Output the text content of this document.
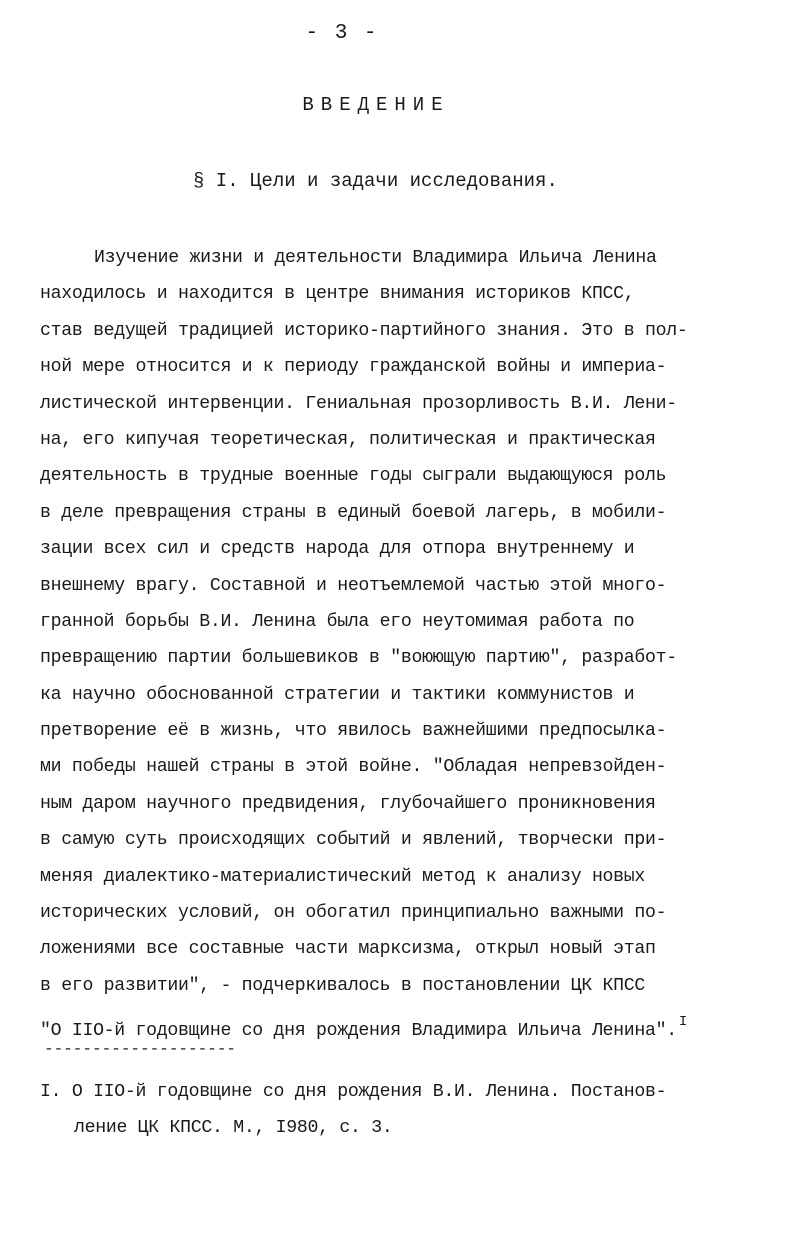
- 3 -
ВВЕДЕНИЕ
§ I. Цели и задачи исследования.
Изучение жизни и деятельности Владимира Ильича Ленина
находилось и находится в центре внимания историков КПСС,
став ведущей традицией историко-партийного знания. Это в пол-
ной мере относится и к периоду гражданской войны и империа-
листической интервенции. Гениальная прозорливость В.И. Лени-
на, его кипучая теоретическая, политическая и практическая
деятельность в трудные военные годы сыграли выдающуюся роль
в деле превращения страны в единый боевой лагерь, в мобили-
зации всех сил и средств народа для отпора внутреннему и
внешнему врагу. Составной и неотъемлемой частью этой много-
гранной борьбы В.И. Ленина была его неутомимая работа по
превращению партии большевиков в "воюющую партию", разработ-
ка научно обоснованной стратегии и тактики коммунистов и
претворение её в жизнь, что явилось важнейшими предпосылка-
ми победы нашей страны в этой войне. "Обладая непревзойден-
ным даром научного предвидения, глубочайшего проникновения
в самую суть происходящих событий и явлений, творчески при-
меняя диалектико-материалистический метод к анализу новых
исторических условий, он обогатил принципиально важными по-
ложениями все составные части марксизма, открыл новый этап
в его развитии", - подчеркивалось в постановлении ЦК КПСС
"О IIО-й годовщине со дня рождения Владимира Ильича Ленина". $^I$
--------------------
I. О IIО-й годовщине со дня рождения В.И. Ленина. Постанов-
ление ЦК КПСС. М., I980, с. 3.
